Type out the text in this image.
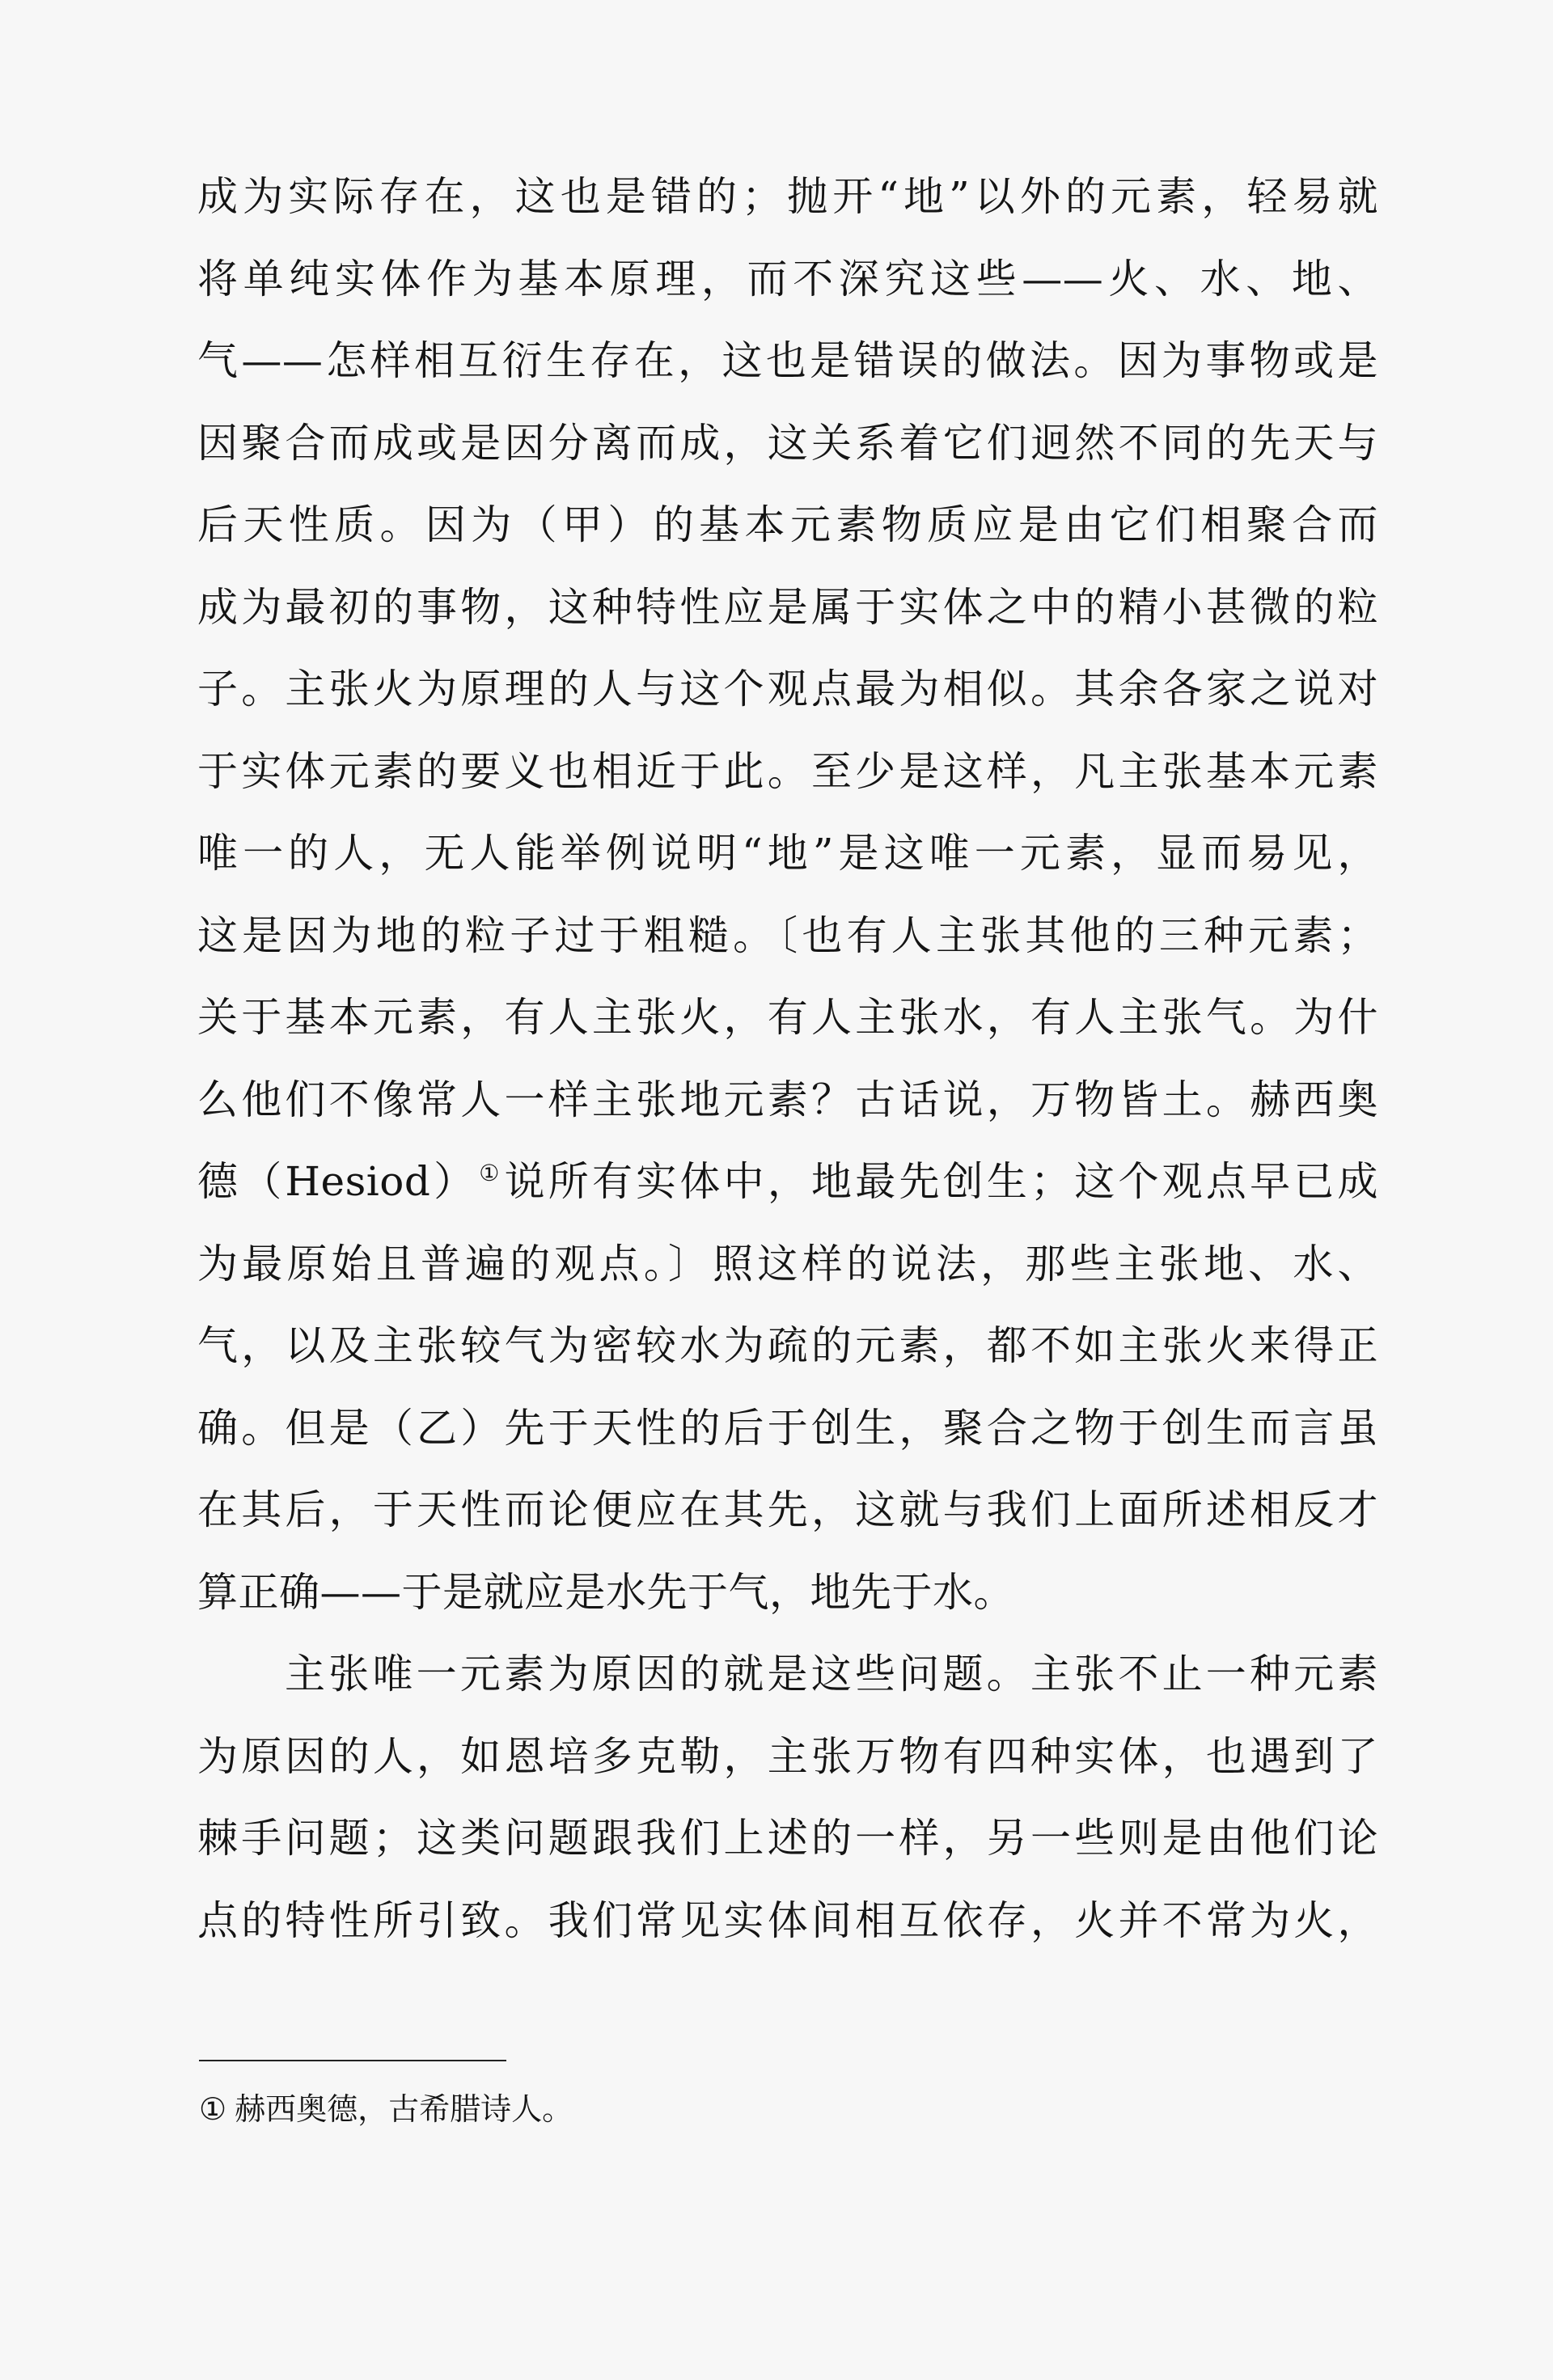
成为实际存在，这也是错的；抛开“地”以外的元素，轻易就
将单纯实体作为基本原理，而不深究这些——火、水、地、
气——怎样相互衍生存在，这也是错误的做法。因为事物或是
因聚合而成或是因分离而成，这关系着它们迥然不同的先天与
后天性质。因为（甲）的基本元素物质应是由它们相聚合而
成为最初的事物，这种特性应是属于实体之中的精小甚微的粒
子。主张火为原理的人与这个观点最为相似。其余各家之说对
于实体元素的要义也相近于此。至少是这样，凡主张基本元素
唯一的人，无人能举例说明“地”是这唯一元素，显而易见，
这是因为地的粒子过于粗糙。〔也有人主张其他的三种元素；
关于基本元素，有人主张火，有人主张水，有人主张气。为什
么他们不像常人一样主张地元素？古话说，万物皆土。赫西奥
德（Hesiod）①说所有实体中，地最先创生；这个观点早已成
为最原始且普遍的观点。〕照这样的说法，那些主张地、水、
气，以及主张较气为密较水为疏的元素，都不如主张火来得正
确。但是（乙）先于天性的后于创生，聚合之物于创生而言虽
在其后，于天性而论便应在其先，这就与我们上面所述相反才
算正确——于是就应是水先于气，地先于水。
主张唯一元素为原因的就是这些问题。主张不止一种元素
为原因的人，如恩培多克勒，主张万物有四种实体，也遇到了
棘手问题；这类问题跟我们上述的一样，另一些则是由他们论
点的特性所引致。我们常见实体间相互依存，火并不常为火，
① 赫西奥德，古希腊诗人。
